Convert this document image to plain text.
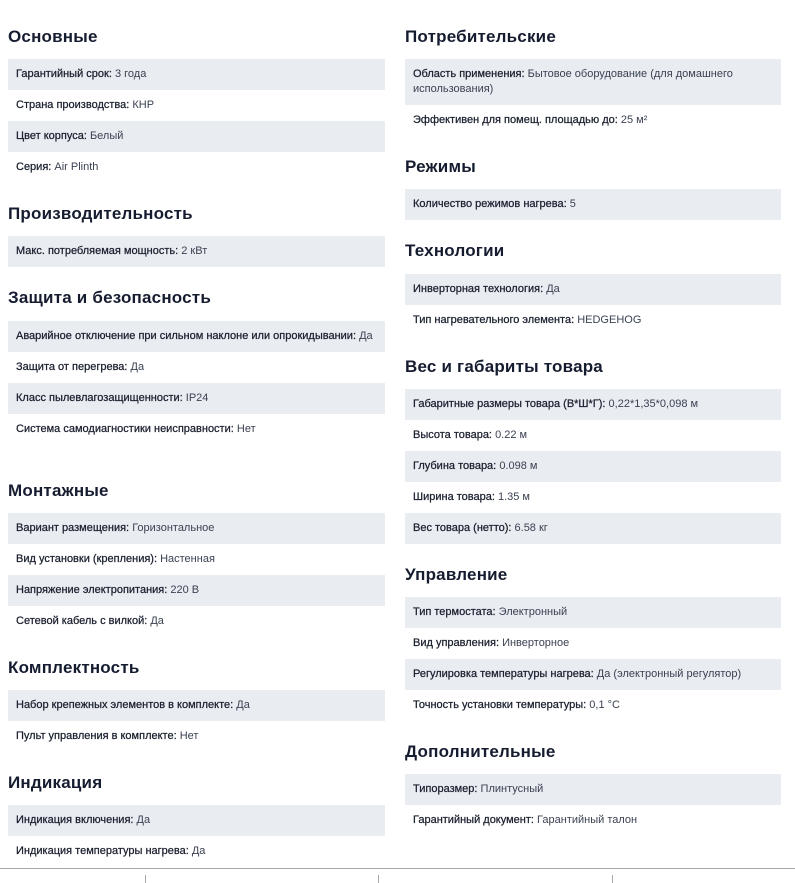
Основные
Гарантийный срок: 3 года
Страна производства: КНР
Цвет корпуса: Белый
Серия: Air Plinth
Производительность
Макс. потребляемая мощность: 2 кВт
Защита и безопасность
Аварийное отключение при сильном наклоне или опрокидывании: Да
Защита от перегрева: Да
Класс пылевлагозащищенности: IP24
Система самодиагностики неисправности: Нет
Монтажные
Вариант размещения: Горизонтальное
Вид установки (крепления): Настенная
Напряжение электропитания: 220 В
Сетевой кабель с вилкой: Да
Комплектность
Набор крепежных элементов в комплекте: Да
Пульт управления в комплекте: Нет
Индикация
Индикация включения: Да
Индикация температуры нагрева: Да
Потребительские
Область применения: Бытовое оборудование (для домашнего использования)
Эффективен для помещ. площадью до: 25 м²
Режимы
Количество режимов нагрева: 5
Технологии
Инверторная технология: Да
Тип нагревательного элемента: HEDGEHOG
Вес и габариты товара
Габаритные размеры товара (В*Ш*Г): 0,22*1,35*0,098 м
Высота товара: 0.22 м
Глубина товара: 0.098 м
Ширина товара: 1.35 м
Вес товара (нетто): 6.58 кг
Управление
Тип термостата: Электронный
Вид управления: Инверторное
Регулировка температуры нагрева: Да (электронный регулятор)
Точность установки температуры: 0,1 °С
Дополнительные
Типоразмер: Плинтусный
Гарантийный документ: Гарантийный талон
